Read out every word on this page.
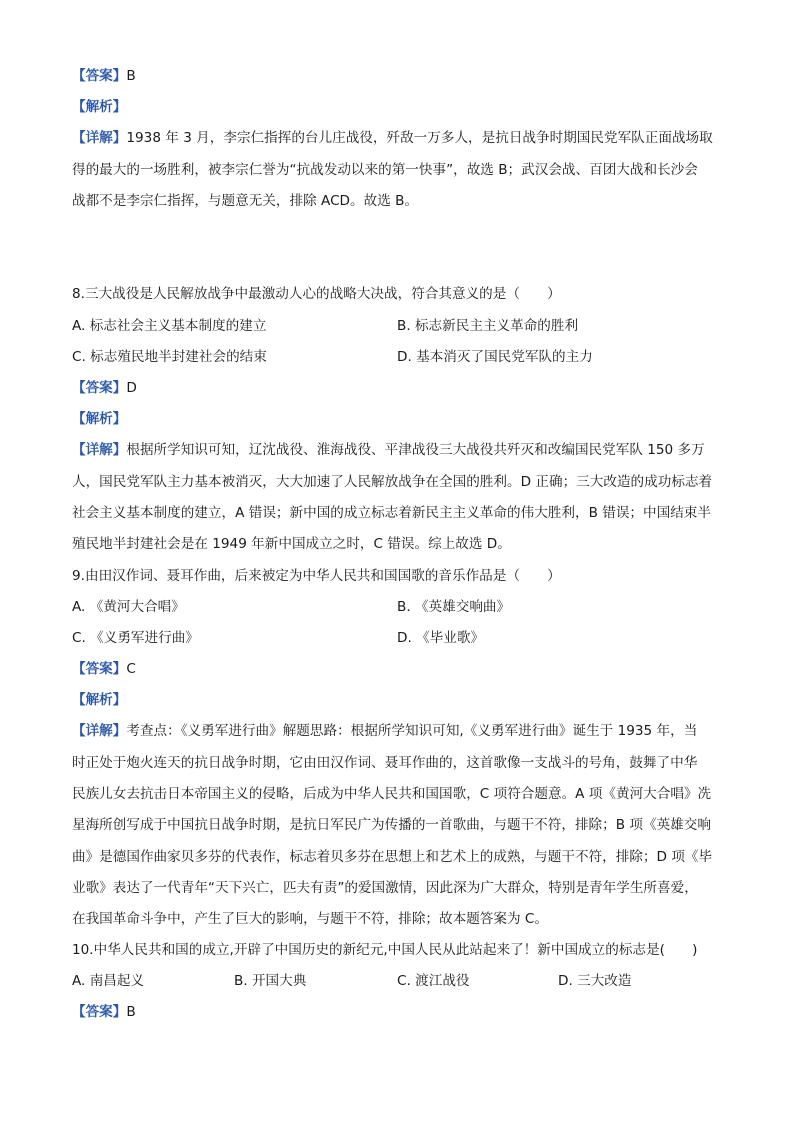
【答案】B
【解析】
【详解】1938 年 3 月，李宗仁指挥的台儿庄战役，歼敌一万多人，是抗日战争时期国民党军队正面战场取
得的最大的一场胜利，被李宗仁誉为“抗战发动以来的第一快事”，故选 B；武汉会战、百团大战和长沙会
战都不是李宗仁指挥，与题意无关，排除 ACD。故选 B。
8.三大战役是人民解放战争中最激动人心的战略大决战，符合其意义的是（　　）
A. 标志社会主义基本制度的建立	B. 标志新民主主义革命的胜利
C. 标志殖民地半封建社会的结束	D. 基本消灭了国民党军队的主力
【答案】D
【解析】
【详解】根据所学知识可知，辽沈战役、淮海战役、平津战役三大战役共歼灭和改编国民党军队 150 多万
人，国民党军队主力基本被消灭，大大加速了人民解放战争在全国的胜利。D 正确；三大改造的成功标志着
社会主义基本制度的建立，A 错误；新中国的成立标志着新民主主义革命的伟大胜利，B 错误；中国结束半
殖民地半封建社会是在 1949 年新中国成立之时，C 错误。综上故选 D。
9.由田汉作词、聂耳作曲，后来被定为中华人民共和国国歌的音乐作品是（　　）
A. 《黄河大合唱》	B. 《英雄交响曲》
C. 《义勇军进行曲》	D. 《毕业歌》
【答案】C
【解析】
【详解】考查点：《义勇军进行曲》解题思路：根据所学知识可知,《义勇军进行曲》诞生于 1935 年，当
时正处于炮火连天的抗日战争时期，它由田汉作词、聂耳作曲的，这首歌像一支战斗的号角，鼓舞了中华
民族儿女去抗击日本帝国主义的侵略，后成为中华人民共和国国歌，C 项符合题意。A 项《黄河大合唱》冼
星海所创写成于中国抗日战争时期，是抗日军民广为传播的一首歌曲，与题干不符，排除；B 项《英雄交响
曲》是德国作曲家贝多芬的代表作，标志着贝多芬在思想上和艺术上的成熟，与题干不符，排除；D 项《毕
业歌》表达了一代青年“天下兴亡，匹夫有责”的爱国激情，因此深为广大群众，特别是青年学生所喜爱，
在我国革命斗争中，产生了巨大的影响，与题干不符，排除；故本题答案为 C。
10.中华人民共和国的成立,开辟了中国历史的新纪元,中国人民从此站起来了！新中国成立的标志是(　　)
A. 南昌起义	B. 开国大典	C. 渡江战役	D. 三大改造
【答案】B
